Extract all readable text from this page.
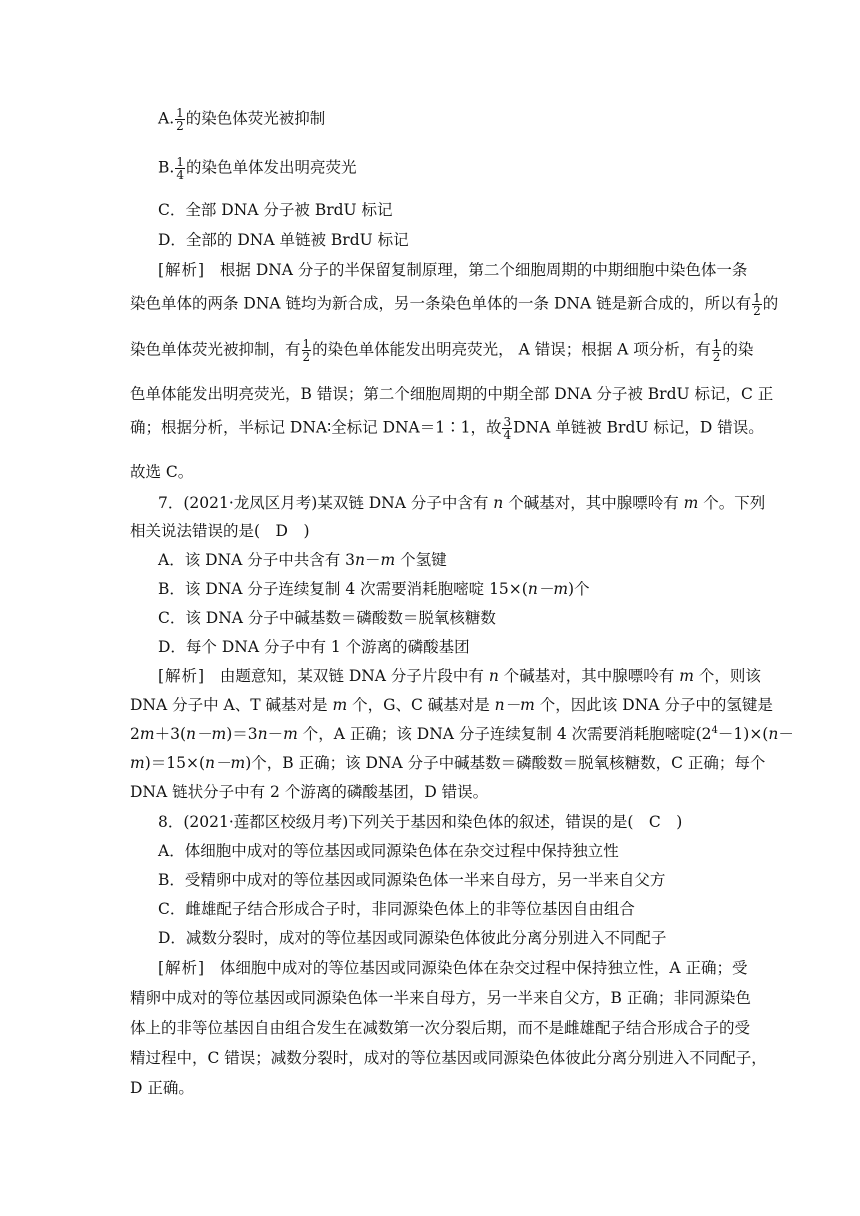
A. $\frac{1}{2}$ 的染色体荧光被抑制
B. $\frac{1}{4}$ 的染色单体发出明亮荧光
C．全部 DNA 分子被 BrdU 标记
D．全部的 DNA 单链被 BrdU 标记
[解析] 根据 DNA 分子的半保留复制原理，第二个细胞周期的中期细胞中染色体一条
染色单体的两条 DNA 链均为新合成，另一条染色单体的一条 DNA 链是新合成的，所以有 $\frac{1}{2}$ 的
染色单体荧光被抑制，有 $\frac{1}{2}$ 的染色单体能发出明亮荧光， A 错误；根据 A 项分析，有 $\frac{1}{2}$ 的染
色单体能发出明亮荧光，B 错误；第二个细胞周期的中期全部 DNA 分子被 BrdU 标记，C 正
确；根据分析，半标记 DNA∶全标记 DNA＝1∶1，故 $\frac{3}{4}$ DNA 单链被 BrdU 标记，D 错误。
故选 C。
7．(2021·龙凤区月考)某双链 DNA 分子中含有 n 个碱基对，其中腺嘌呤有 m 个。下列
相关说法错误的是(　D　)
A．该 DNA 分子中共含有 3n－m 个氢键
B．该 DNA 分子连续复制 4 次需要消耗胞嘧啶 15×(n－m)个
C．该 DNA 分子中碱基数＝磷酸数＝脱氧核糖数
D．每个 DNA 分子中有 1 个游离的磷酸基团
[解析] 由题意知，某双链 DNA 分子片段中有 n 个碱基对，其中腺嘌呤有 m 个，则该
DNA 分子中 A、T 碱基对是 m 个，G、C 碱基对是 n－m 个，因此该 DNA 分子中的氢键是
2m＋3(n－m)＝3n－m 个，A 正确；该 DNA 分子连续复制 4 次需要消耗胞嘧啶$(2^4-1)\times(n-$
m)＝15×(n－m)个，B 正确；该 DNA 分子中碱基数＝磷酸数＝脱氧核糖数，C 正确；每个
DNA 链状分子中有 2 个游离的磷酸基团，D 错误。
8．(2021·莲都区校级月考)下列关于基因和染色体的叙述，错误的是(　C　)
A．体细胞中成对的等位基因或同源染色体在杂交过程中保持独立性
B．受精卵中成对的等位基因或同源染色体一半来自母方，另一半来自父方
C．雌雄配子结合形成合子时，非同源染色体上的非等位基因自由组合
D．减数分裂时，成对的等位基因或同源染色体彼此分离分别进入不同配子
[解析] 体细胞中成对的等位基因或同源染色体在杂交过程中保持独立性，A 正确；受
精卵中成对的等位基因或同源染色体一半来自母方，另一半来自父方，B 正确；非同源染色
体上的非等位基因自由组合发生在减数第一次分裂后期，而不是雌雄配子结合形成合子的受
精过程中，C 错误；减数分裂时，成对的等位基因或同源染色体彼此分离分别进入不同配子，
D 正确。
